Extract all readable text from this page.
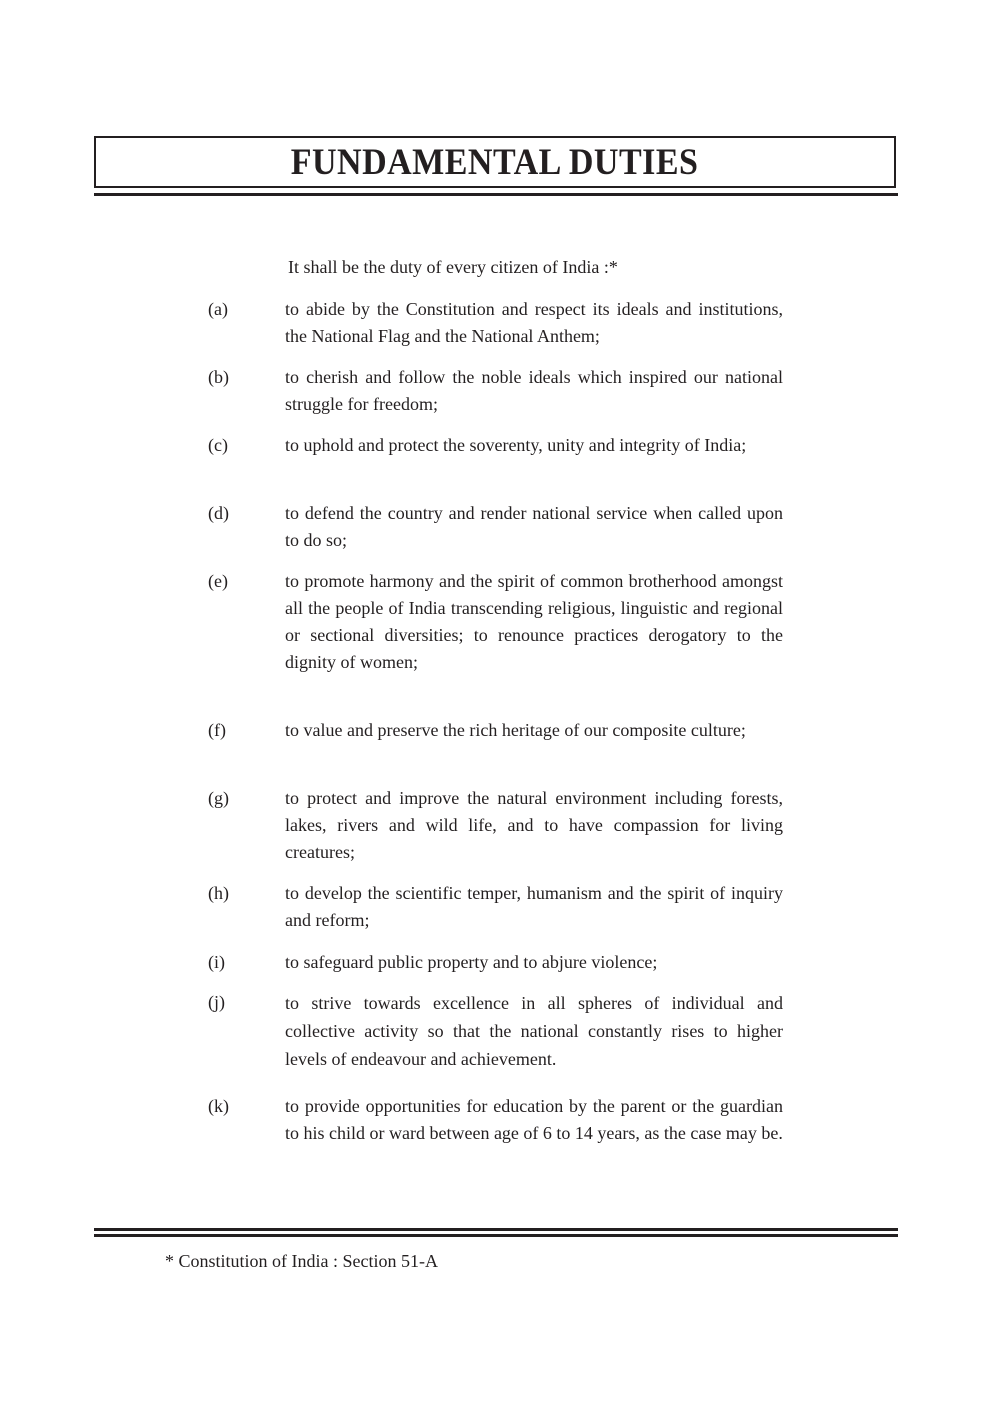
FUNDAMENTAL DUTIES
It shall be the duty of every citizen of India :*
(a)	to abide by the Constitution and respect its ideals and institutions, the National Flag and the National Anthem;
(b)	to cherish and follow the noble ideals which inspired our national struggle for freedom;
(c)	to uphold and protect the soverenty, unity and integrity of India;
(d)	to defend the country and render national service when called upon to do so;
(e)	to promote harmony and the spirit of common brotherhood amongst all the people of India transcending religious, linguistic and regional or sectional diversities; to renounce practices derogatory to the dignity of women;
(f)	to value and preserve the rich heritage of our composite culture;
(g)	to protect and improve the natural environment including forests, lakes, rivers and wild life, and to have compassion for living creatures;
(h)	to develop the scientific temper, humanism and the spirit of inquiry and reform;
(i)	to safeguard public property and to abjure violence;
(j)	to strive towards excellence in all spheres of individual and collective activity so that the national constantly rises to higher levels of endeavour and achievement.
(k)	to provide opportunities for education by the parent or the guardian to his child or ward between age of 6 to 14 years, as the case may be.
* Constitution of India : Section 51-A
